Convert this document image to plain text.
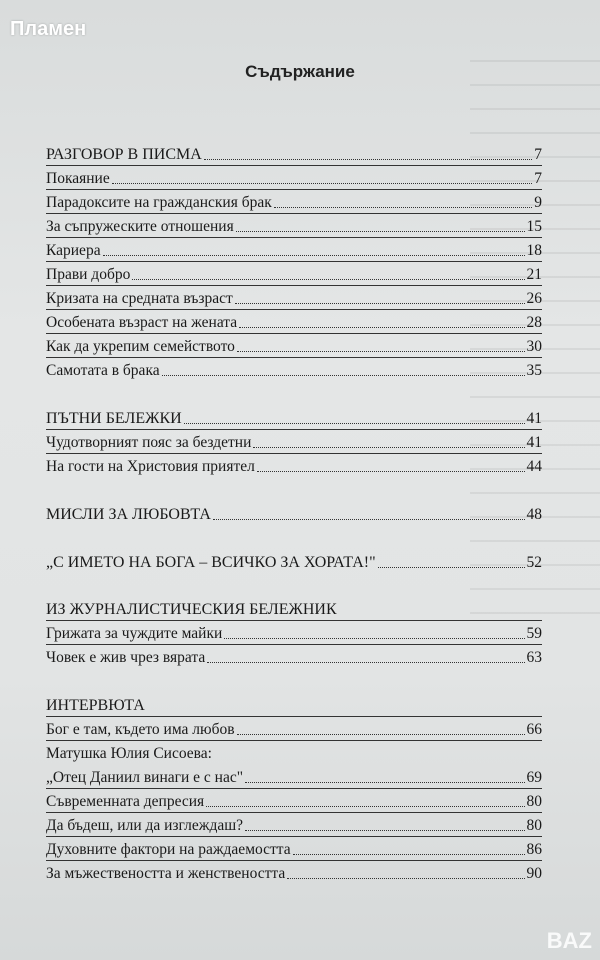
Пламен
Съдържание
РАЗГОВОР В ПИСМА	7
Покаяние	7
Парадоксите на гражданския брак	9
За съпружеските отношения	15
Кариера	18
Прави добро	21
Кризата на средната възраст	26
Особената възраст на жената	28
Как да укрепим семейството	30
Самотата в брака	35
ПЪТНИ БЕЛЕЖКИ	41
Чудотворният пояс за бездетни	41
На гости на Христовия приятел	44
МИСЛИ ЗА ЛЮБОВТА	48
„С ИМЕТО НА БОГА – ВСИЧКО ЗА ХОРАТА!"	52
ИЗ ЖУРНАЛИСТИЧЕСКИЯ БЕЛЕЖНИК
Грижата за чуждите майки	59
Човек е жив чрез вярата	63
ИНТЕРВЮТА
Бог е там, където има любов	66
Матушка Юлия Сисоева:
„Отец Даниил винаги е с нас"	69
Съвременната депресия	80
Да бъдеш, или да изглеждаш?	80
Духовните фактори на раждаемостта	86
За мъжествеността и женствеността	90
BAZ
